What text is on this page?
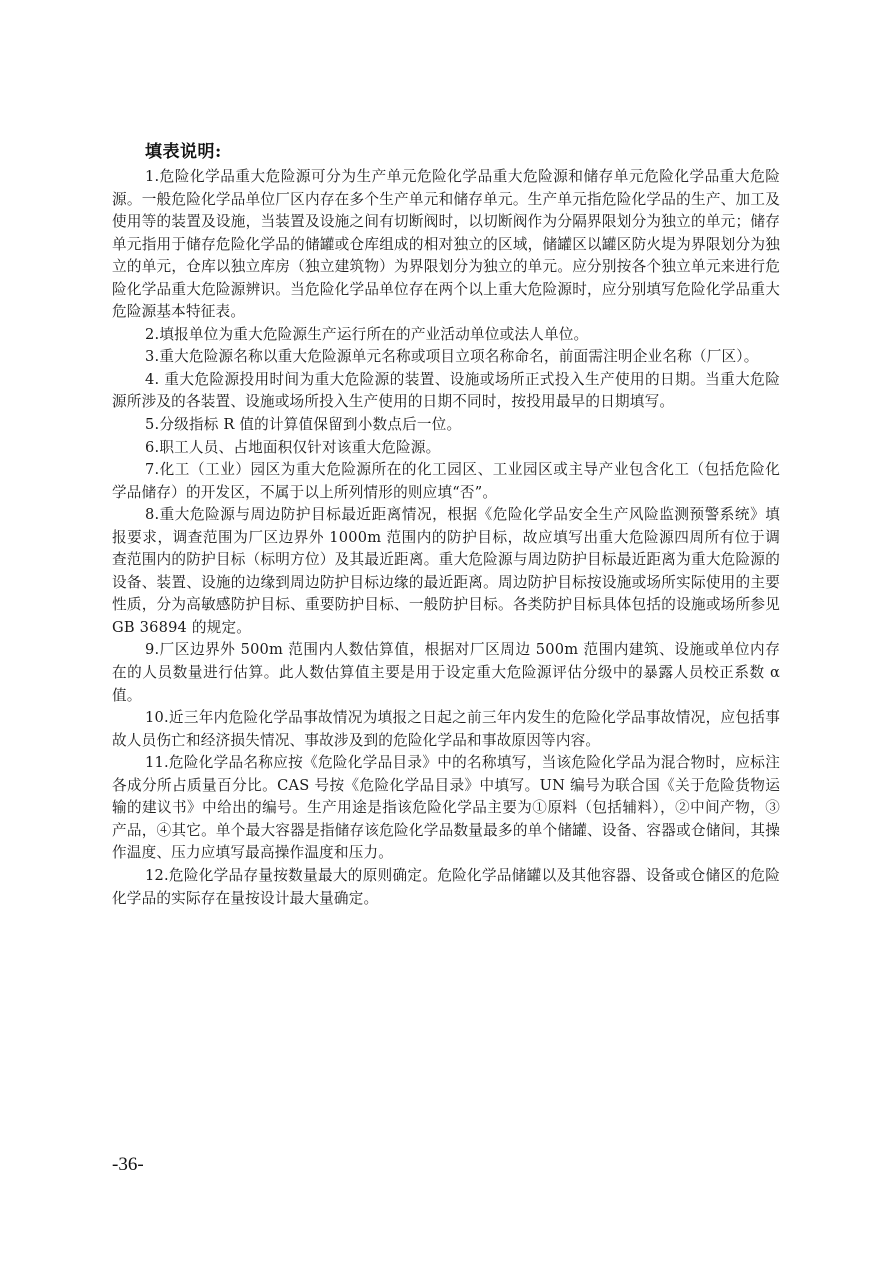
填表说明:

1.危险化学品重大危险源可分为生产单元危险化学品重大危险源和储存单元危险化学品重大危险源。一般危险化学品单位厂区内存在多个生产单元和储存单元。生产单元指危险化学品的生产、加工及使用等的装置及设施，当装置及设施之间有切断阀时，以切断阀作为分隔界限划分为独立的单元；储存单元指用于储存危险化学品的储罐或仓库组成的相对独立的区域，储罐区以罐区防火堤为界限划分为独立的单元，仓库以独立库房（独立建筑物）为界限划分为独立的单元。应分别按各个独立单元来进行危险化学品重大危险源辨识。当危险化学品单位存在两个以上重大危险源时，应分别填写危险化学品重大危险源基本特征表。

2.填报单位为重大危险源生产运行所在的产业活动单位或法人单位。

3.重大危险源名称以重大危险源单元名称或项目立项名称命名，前面需注明企业名称（厂区）。

4. 重大危险源投用时间为重大危险源的装置、设施或场所正式投入生产使用的日期。当重大危险源所涉及的各装置、设施或场所投入生产使用的日期不同时，按投用最早的日期填写。

5.分级指标 R 值的计算值保留到小数点后一位。

6.职工人员、占地面积仅针对该重大危险源。

7.化工（工业）园区为重大危险源所在的化工园区、工业园区或主导产业包含化工（包括危险化学品储存）的开发区，不属于以上所列情形的则应填“否”。

8.重大危险源与周边防护目标最近距离情况，根据《危险化学品安全生产风险监测预警系统》填报要求，调查范围为厂区边界外 1000m 范围内的防护目标，故应填写出重大危险源四周所有位于调查范围内的防护目标（标明方位）及其最近距离。重大危险源与周边防护目标最近距离为重大危险源的设备、装置、设施的边缘到周边防护目标边缘的最近距离。周边防护目标按设施或场所实际使用的主要性质，分为高敏感防护目标、重要防护目标、一般防护目标。各类防护目标具体包括的设施或场所参见 GB 36894 的规定。

9.厂区边界外 500m 范围内人数估算值，根据对厂区周边 500m 范围内建筑、设施或单位内存在的人员数量进行估算。此人数估算值主要是用于设定重大危险源评估分级中的暴露人员校正系数 α 值。

10.近三年内危险化学品事故情况为填报之日起之前三年内发生的危险化学品事故情况，应包括事故人员伤亡和经济损失情况、事故涉及到的危险化学品和事故原因等内容。

11.危险化学品名称应按《危险化学品目录》中的名称填写，当该危险化学品为混合物时，应标注各成分所占质量百分比。CAS 号按《危险化学品目录》中填写。UN 编号为联合国《关于危险货物运输的建议书》中给出的编号。生产用途是指该危险化学品主要为①原料（包括辅料），②中间产物，③产品，④其它。单个最大容器是指储存该危险化学品数量最多的单个储罐、设备、容器或仓储间，其操作温度、压力应填写最高操作温度和压力。

12.危险化学品存量按数量最大的原则确定。危险化学品储罐以及其他容器、设备或仓储区的危险化学品的实际存在量按设计最大量确定。

-36-
